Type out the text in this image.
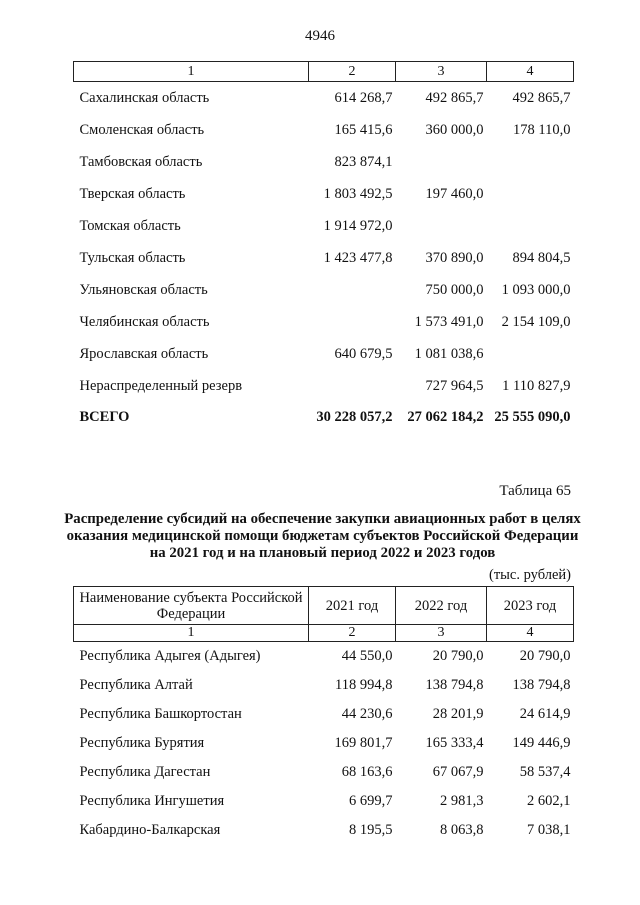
4946
1	2	3	4
Сахалинская область	614 268,7	492 865,7	492 865,7
Смоленская область	165 415,6	360 000,0	178 110,0
Тамбовская область	823 874,1		
Тверская область	1 803 492,5	197 460,0	
Томская область	1 914 972,0		
Тульская область	1 423 477,8	370 890,0	894 804,5
Ульяновская область		750 000,0	1 093 000,0
Челябинская область		1 573 491,0	2 154 109,0
Ярославская область	640 679,5	1 081 038,6	
Нераспределенный резерв		727 964,5	1 110 827,9
ВСЕГО	30 228 057,2	27 062 184,2	25 555 090,0
Таблица 65
Распределение субсидий на обеспечение закупки авиационных работ в целях оказания медицинской помощи бюджетам субъектов Российской Федерации на 2021 год и на плановый период 2022 и 2023 годов
(тыс. рублей)
Наименование субъекта Российской Федерации	2021 год	2022 год	2023 год
1	2	3	4
Республика Адыгея (Адыгея)	44 550,0	20 790,0	20 790,0
Республика Алтай	118 994,8	138 794,8	138 794,8
Республика Башкортостан	44 230,6	28 201,9	24 614,9
Республика Бурятия	169 801,7	165 333,4	149 446,9
Республика Дагестан	68 163,6	67 067,9	58 537,4
Республика Ингушетия	6 699,7	2 981,3	2 602,1
Кабардино-Балкарская	8 195,5	8 063,8	7 038,1
